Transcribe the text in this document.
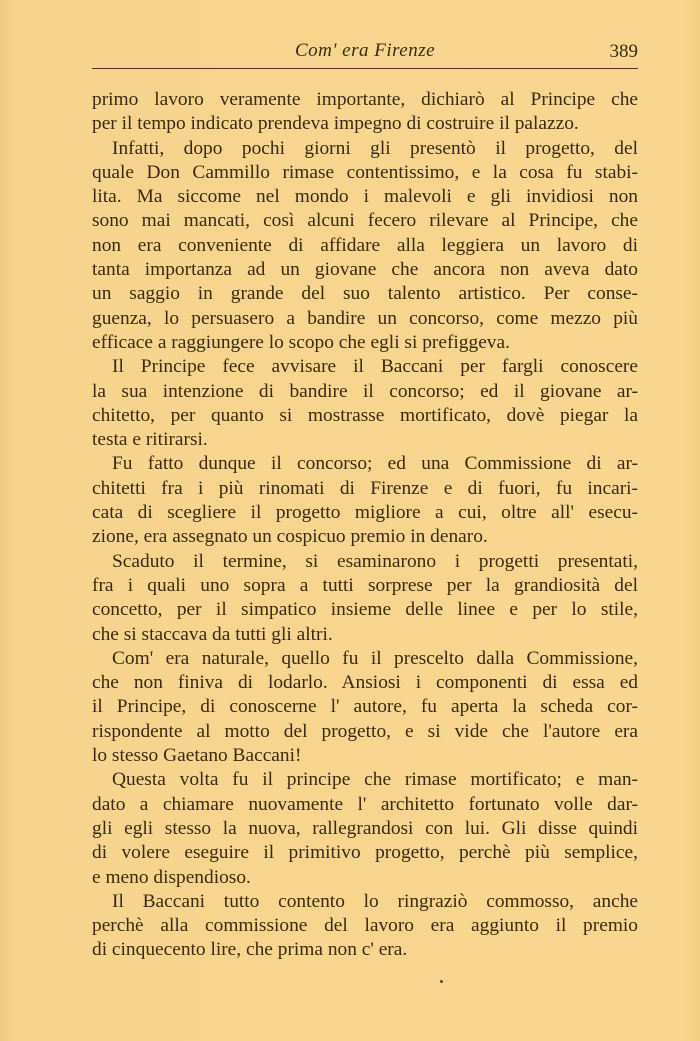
Com' era Firenze	389
primo lavoro veramente importante, dichiarò al Principe che
per il tempo indicato prendeva impegno di costruire il palazzo.
Infatti, dopo pochi giorni gli presentò il progetto, del
quale Don Cammillo rimase contentissimo, e la cosa fu stabi-
lita. Ma siccome nel mondo i malevoli e gli invidiosi non
sono mai mancati, così alcuni fecero rilevare al Principe, che
non era conveniente di affidare alla leggiera un lavoro di
tanta importanza ad un giovane che ancora non aveva dato
un saggio in grande del suo talento artistico. Per conse-
guenza, lo persuasero a bandire un concorso, come mezzo più
efficace a raggiungere lo scopo che egli si prefiggeva.
Il Principe fece avvisare il Baccani per fargli conoscere
la sua intenzione di bandire il concorso; ed il giovane ar-
chitetto, per quanto si mostrasse mortificato, dovè piegar la
testa e ritirarsi.
Fu fatto dunque il concorso; ed una Commissione di ar-
chitetti fra i più rinomati di Firenze e di fuori, fu incari-
cata di scegliere il progetto migliore a cui, oltre all' esecu-
zione, era assegnato un cospicuo premio in denaro.
Scaduto il termine, si esaminarono i progetti presentati,
fra i quali uno sopra a tutti sorprese per la grandiosità del
concetto, per il simpatico insieme delle linee e per lo stile,
che si staccava da tutti gli altri.
Com' era naturale, quello fu il prescelto dalla Commissione,
che non finiva di lodarlo. Ansiosi i componenti di essa ed
il Principe, di conoscerne l' autore, fu aperta la scheda cor-
rispondente al motto del progetto, e si vide che l'autore era
lo stesso Gaetano Baccani!
Questa volta fu il principe che rimase mortificato; e man-
dato a chiamare nuovamente l' architetto fortunato volle dar-
gli egli stesso la nuova, rallegrandosi con lui. Gli disse quindi
di volere eseguire il primitivo progetto, perchè più semplice,
e meno dispendioso.
Il Baccani tutto contento lo ringraziò commosso, anche
perchè alla commissione del lavoro era aggiunto il premio
di cinquecento lire, che prima non c' era.
